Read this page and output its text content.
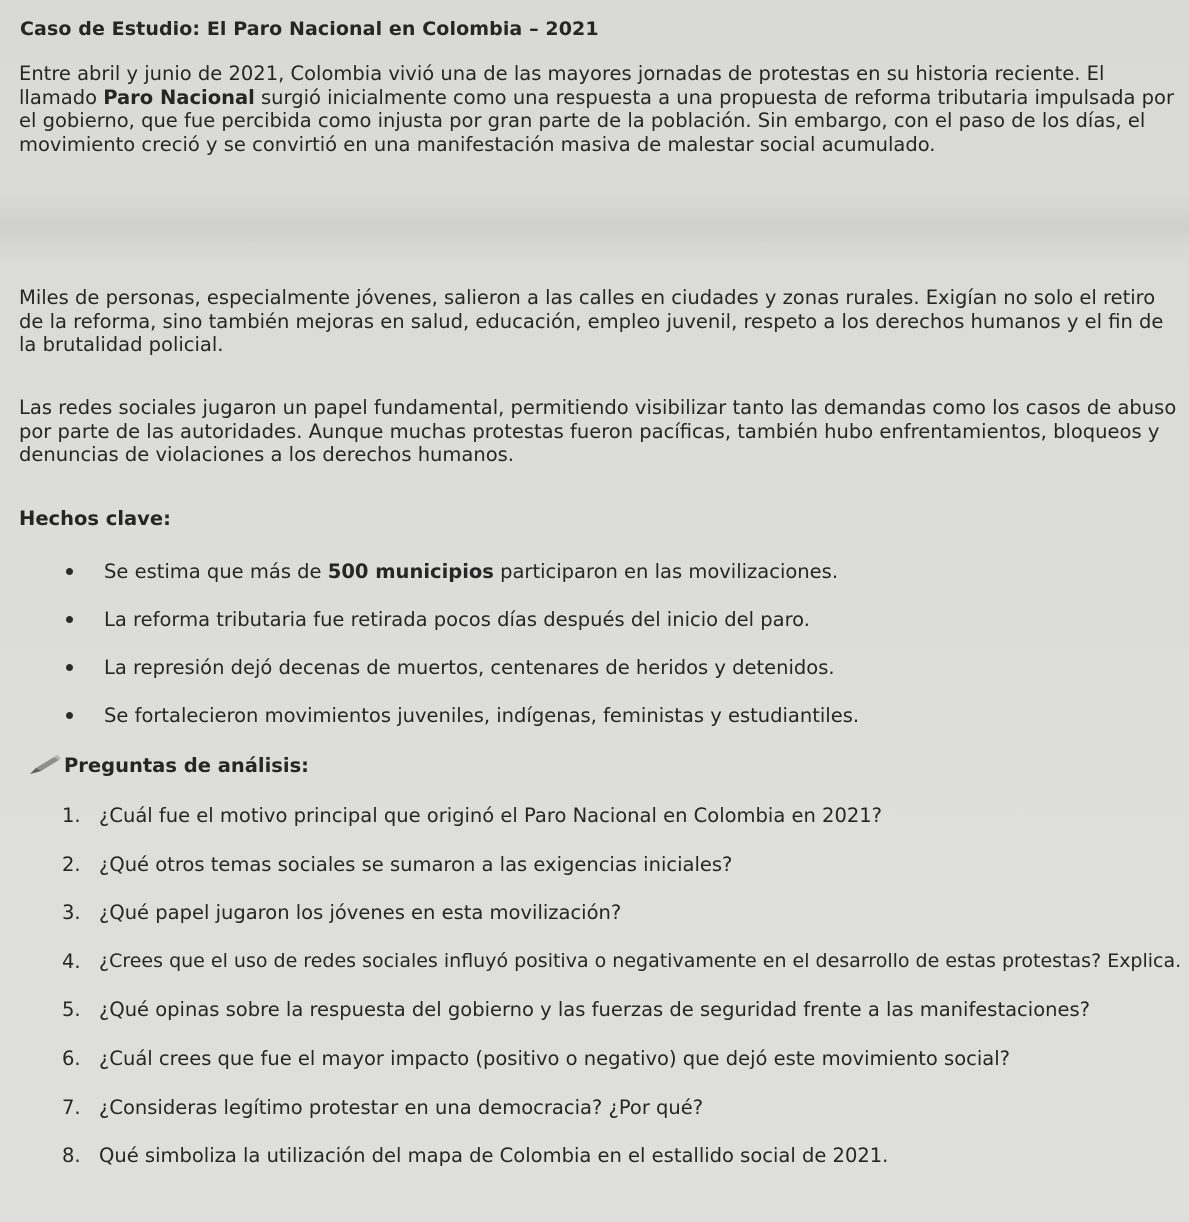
Caso de Estudio: El Paro Nacional en Colombia – 2021

Entre abril y junio de 2021, Colombia vivió una de las mayores jornadas de protestas en su historia reciente. El llamado Paro Nacional surgió inicialmente como una respuesta a una propuesta de reforma tributaria impulsada por el gobierno, que fue percibida como injusta por gran parte de la población. Sin embargo, con el paso de los días, el movimiento creció y se convirtió en una manifestación masiva de malestar social acumulado.

Miles de personas, especialmente jóvenes, salieron a las calles en ciudades y zonas rurales. Exigían no solo el retiro de la reforma, sino también mejoras en salud, educación, empleo juvenil, respeto a los derechos humanos y el fin de la brutalidad policial.

Las redes sociales jugaron un papel fundamental, permitiendo visibilizar tanto las demandas como los casos de abuso por parte de las autoridades. Aunque muchas protestas fueron pacíficas, también hubo enfrentamientos, bloqueos y denuncias de violaciones a los derechos humanos.

Hechos clave:
Se estima que más de 500 municipios participaron en las movilizaciones.
La reforma tributaria fue retirada pocos días después del inicio del paro.
La represión dejó decenas de muertos, centenares de heridos y detenidos.
Se fortalecieron movimientos juveniles, indígenas, feministas y estudiantiles.
Preguntas de análisis:
1. ¿Cuál fue el motivo principal que originó el Paro Nacional en Colombia en 2021?
2. ¿Qué otros temas sociales se sumaron a las exigencias iniciales?
3. ¿Qué papel jugaron los jóvenes en esta movilización?
4. ¿Crees que el uso de redes sociales influyó positiva o negativamente en el desarrollo de estas protestas? Explica.
5. ¿Qué opinas sobre la respuesta del gobierno y las fuerzas de seguridad frente a las manifestaciones?
6. ¿Cuál crees que fue el mayor impacto (positivo o negativo) que dejó este movimiento social?
7. ¿Consideras legítimo protestar en una democracia? ¿Por qué?
8. Qué simboliza la utilización del mapa de Colombia en el estallido social de 2021.
